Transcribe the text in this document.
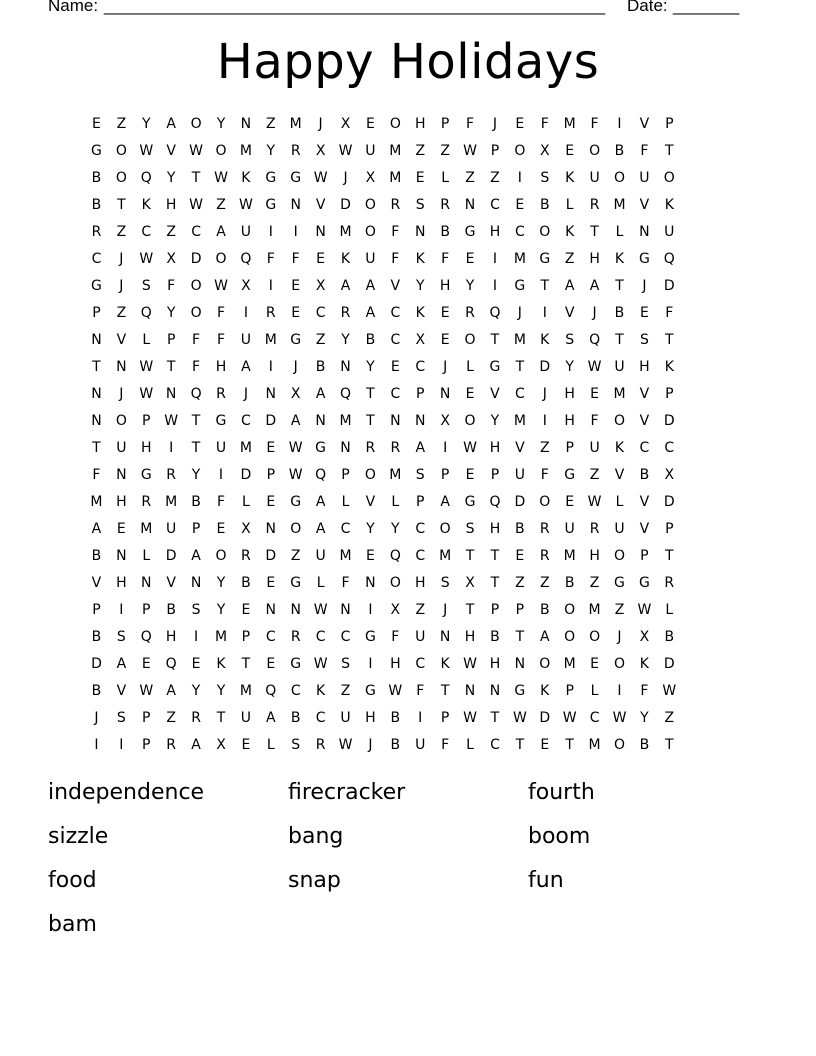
Name: _____________________________________________________ Date: _______
Happy Holidays
E	Z	Y	A	O	Y	N	Z	M	J	X	E	O	H	P	F	J	E	F	M	F	I	V	P
G O W V W O M	Y	R	X W U M	Z	Z W P	O	X	E	O	B	F	T
B	O Q	Y	T W K	G	G W	J	X	M	E	L	Z	Z	I	S	K	U	O	U	O
B	T	K	H W Z W G	N	V	D	O	R	S	R	N	C	E	B	L	R	M	V	K
R	Z	C	Z	C	A	U	I	I	N M O	F	N	B	G	H	C	O	K	T	L	N	U
C	J	W X	D	O Q	F	F	E	K	U	F	K	F	E	I	M G	Z	H	K	G Q
G	J	S	F	O W X	I	E	X	A	A	V	Y	H	Y	I	G	T	A	A	T	J	D
P	Z	Q	Y	O	F	I	R	E	C	R	A	C	K	E	R	Q	J	I	V	J	B	E	F
N	V	L	P	F	F	U M G	Z	Y	B	C	X	E	O	T	M	K	S	Q	T	S	T
T	N W T	F	H	A	I	J	B	N	Y	E	C	J	L	G	T	D	Y W U	H	K
N	J	W N	Q	R	J	N	X	A	Q	T	C	P	N	E	V	C	J	H	E	M	V	P
N	O	P W T	G	C	D	A	N M	T	N	N	X	O	Y	M	I	H	F	O	V	D
T	U	H	I	T	U M	E W G	N	R	R	A	I	W H	V	Z	P	U	K	C	C
F	N	G	R	Y	I	D	P W Q	P	O M	S	P	E	P	U	F	G	Z	V	B	X
M H	R	M	B	F	L	E	G	A	L	V	L	P	A	G Q	D	O	E W	L	V	D
A	E	M U	P	E	X	N	O	A	C	Y	Y	C	O	S	H	B	R	U	R	U	V	P
B	N	L	D	A	O	R	D	Z	U M	E	Q	C M	T	T	E	R	M H	O	P	T
V	H	N	V	N	Y	B	E	G	L	F	N	O	H	S	X	T	Z	Z	B	Z	G	G	R
P	I	P	B	S	Y	E	N	N W N	I	X	Z	J	T	P	P	B	O M	Z W	L
B	S	Q	H	I	M	P	C	R	C	C	G	F	U	N	H	B	T	A	O O	J	X	B
D	A	E	Q	E	K	T	E	G W S	I	H	C	K W H	N	O M	E	O	K	D
B	V W A	Y	Y	M Q	C	K	Z	G W F	T	N	N	G	K	P	L	I	F W
J	S	P	Z	R	T	U	A	B	C	U	H	B	I	P W T W D W C W Y	Z
I	I	P	R	A	X	E	L	S	R W	J	B	U	F	L	C	T	E	T	M O	B	T
independence	firecracker	fourth
sizzle	bang	boom
food	snap	fun
bam
